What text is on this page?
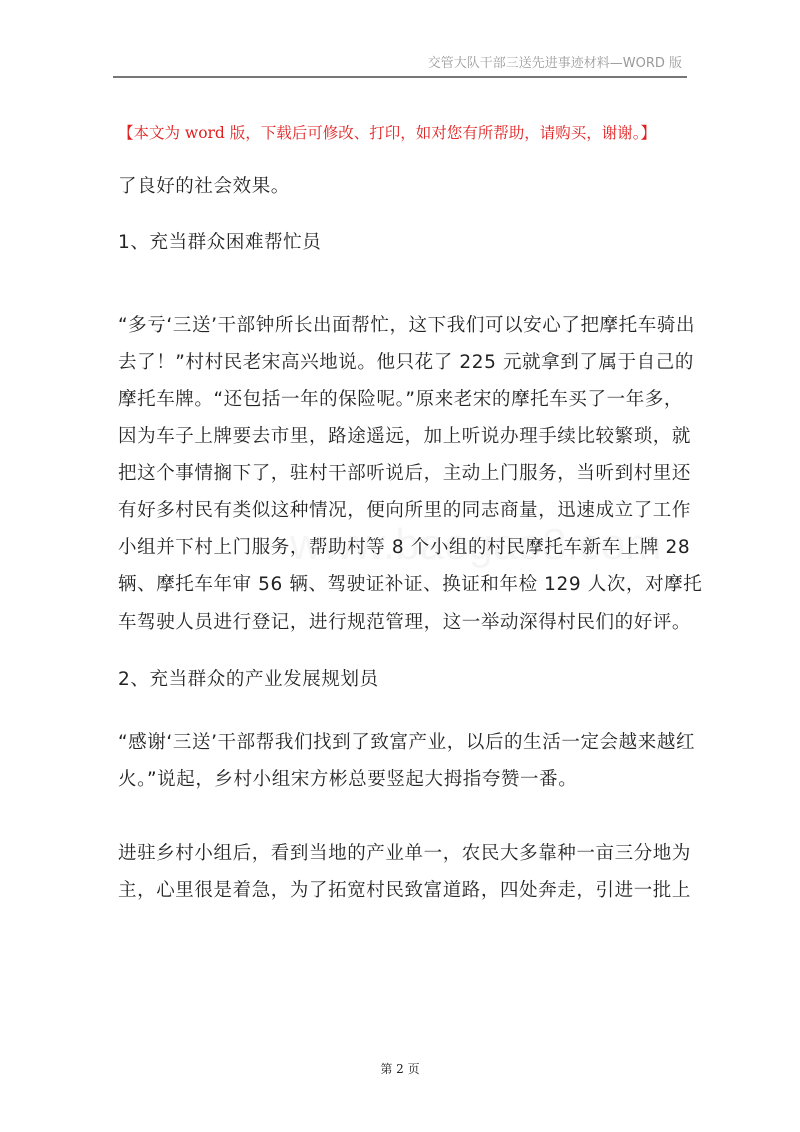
交管大队干部三送先进事迹材料—WORD 版
【本文为 word 版，下载后可修改、打印，如对您有所帮助，请购买，谢谢。】
了良好的社会效果。
1、充当群众困难帮忙员
“多亏‘三送’干部钟所长出面帮忙，这下我们可以安心了把摩托车骑出
去了！”村村民老宋高兴地说。他只花了 225 元就拿到了属于自己的
摩托车牌。“还包括一年的保险呢。”原来老宋的摩托车买了一年多，
因为车子上牌要去市里，路途遥远，加上听说办理手续比较繁琐，就
把这个事情搁下了，驻村干部听说后，主动上门服务，当听到村里还
有好多村民有类似这种情况，便向所里的同志商量，迅速成立了工作
小组并下村上门服务，帮助村等 8 个小组的村民摩托车新车上牌 28
辆、摩托车年审 56 辆、驾驶证补证、换证和年检 129 人次，对摩托
车驾驶人员进行登记，进行规范管理，这一举动深得村民们的好评。
2、充当群众的产业发展规划员
“感谢‘三送’干部帮我们找到了致富产业，以后的生活一定会越来越红
火。”说起，乡村小组宋方彬总要竖起大拇指夸赞一番。
进驻乡村小组后，看到当地的产业单一，农民大多靠种一亩三分地为
主，心里很是着急，为了拓宽村民致富道路，四处奔走，引进一批上
第 2 页
